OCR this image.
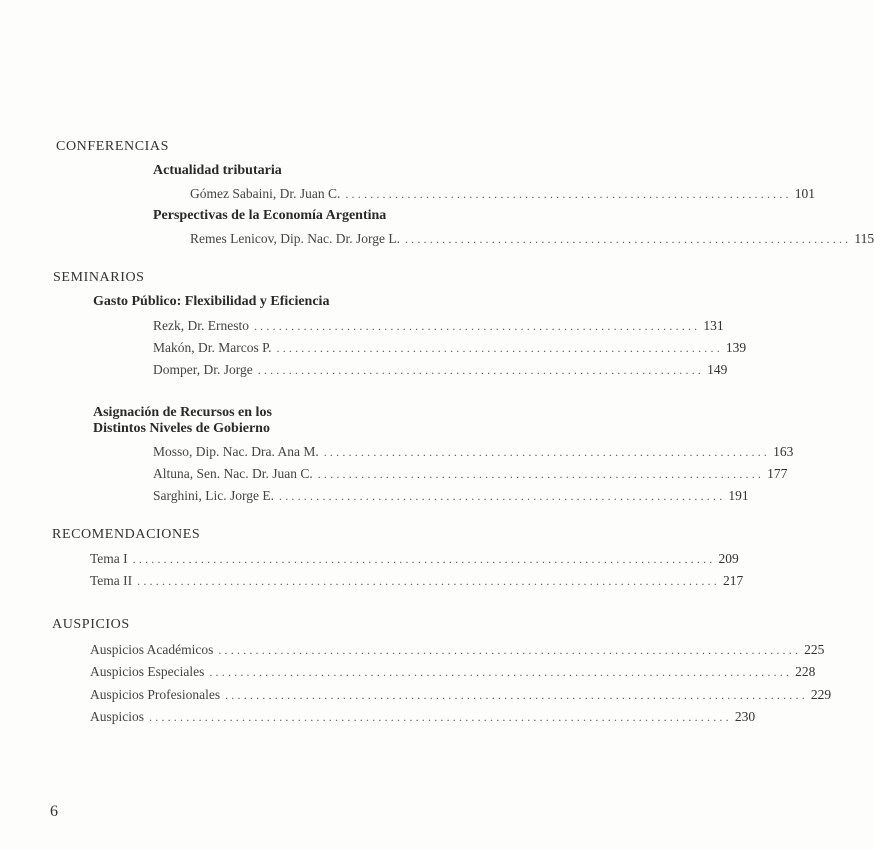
CONFERENCIAS
Actualidad tributaria
Gómez Sabaini, Dr. Juan C. ........................................................................ 101
Perspectivas de la Economía Argentina
Remes Lenicov, Dip. Nac. Dr. Jorge L. ........................................................................ 115
SEMINARIOS
Gasto Público: Flexibilidad y Eficiencia
Rezk, Dr. Ernesto ........................................................................ 131
Makón, Dr. Marcos P. ........................................................................ 139
Domper, Dr. Jorge ........................................................................ 149
Asignación de Recursos en los
Distintos Niveles de Gobierno
Mosso, Dip. Nac. Dra. Ana M. ........................................................................ 163
Altuna, Sen. Nac. Dr. Juan C. ........................................................................ 177
Sarghini, Lic. Jorge E. ........................................................................ 191
RECOMENDACIONES
Tema I .............................................................................................. 209
Tema II .............................................................................................. 217
AUSPICIOS
Auspicios Académicos .............................................................................................. 225
Auspicios Especiales .............................................................................................. 228
Auspicios Profesionales .............................................................................................. 229
Auspicios .............................................................................................. 230
6
